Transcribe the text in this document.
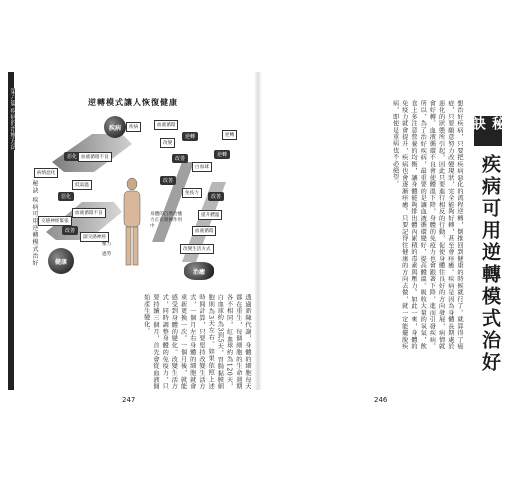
第六篇 疾病的治療方法
秘訣 疾病可用逆轉模式治好
逆轉模式讓人恢復健康
疾病
健康
治癒
惡化
惡化
改善
血液循環不良
病情惡化
低氣溫
血液循環不良
交感神經緊張
副交感神經
逆轉
改善
逆轉
改善
改善
血液循環
白血球
免疫力
提升體溫
血液循環
改變生活方式
疾病
逆轉
改變
身體的自然治癒力正在發揮作用中
壓力
過勞
透過新陳代謝，身體的細胞每天都在重生，每個細胞的生命週期各不相同，紅血球約為120天，白血球約為3到5天，胃腸黏膜細胞則為3天左右。如果依照上述時間計算，只要堅持改變生活方式，一個月左右身體的細胞就會重新更換一次。一個月後，就能感受到身體的變化。改變生活方式，同時調整身體的免疫力，只要持續三個月，首先會從血液開始產生變化。
247
秘訣
疾病可用逆轉模式治好
想治好疾病，只要把疾病惡化的流程逆轉，倒推回到健康的時候就行了。就算得了癌症，只要願意努力改變現狀，完全能夠好轉，甚至會痊癒。疾病是因為身體長期處於惡化的狀態所引起，因此只要進行相反的行動，促使身體往良好的方向發展，病情就會好轉。血液循環不良會使體溫下降，身體的免疫力也會跟著下降，進而引發疾病。所以，為了治好疾病，最重要的是讓血液循環變好，提高體溫。吸收大量的氧氣，飲食上多注意營養的均衡，讓身體能夠排出體內累積的毒素與壓力。如此一來，身體的免疫力就會提升，疾病也會逐漸痊癒。只要記得往健康的方向去做，就一定能擺脫疾病，即使是重病也不必絕望。
246
